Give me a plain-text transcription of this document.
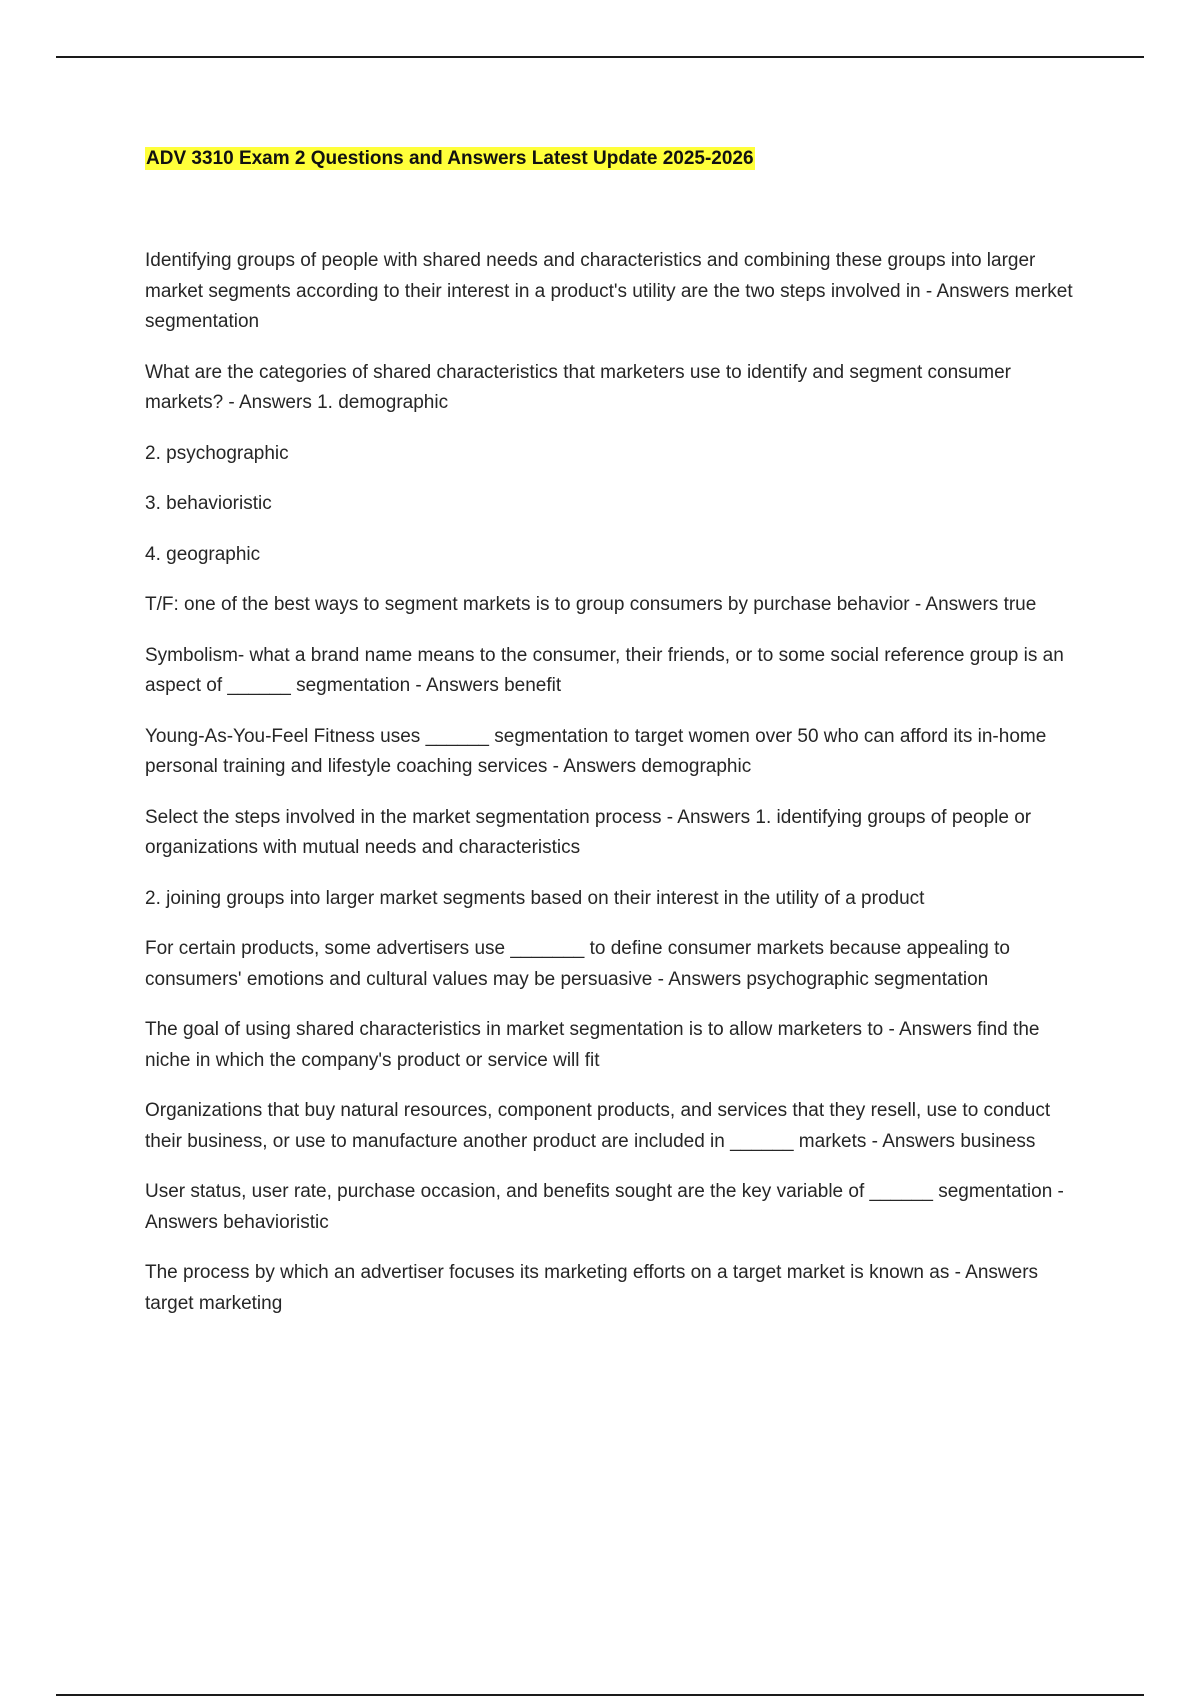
ADV 3310 Exam 2 Questions and Answers Latest Update 2025-2026

Identifying groups of people with shared needs and characteristics and combining these groups into larger market segments according to their interest in a product's utility are the two steps involved in - Answers merket segmentation

What are the categories of shared characteristics that marketers use to identify and segment consumer markets? - Answers 1. demographic

2. psychographic

3. behavioristic

4. geographic

T/F: one of the best ways to segment markets is to group consumers by purchase behavior - Answers true

Symbolism- what a brand name means to the consumer, their friends, or to some social reference group is an aspect of ______ segmentation - Answers benefit

Young-As-You-Feel Fitness uses ______ segmentation to target women over 50 who can afford its in-home personal training and lifestyle coaching services - Answers demographic

Select the steps involved in the market segmentation process - Answers 1. identifying groups of people or organizations with mutual needs and characteristics

2. joining groups into larger market segments based on their interest in the utility of a product

For certain products, some advertisers use _______ to define consumer markets because appealing to consumers' emotions and cultural values may be persuasive - Answers psychographic segmentation

The goal of using shared characteristics in market segmentation is to allow marketers to - Answers find the niche in which the company's product or service will fit

Organizations that buy natural resources, component products, and services that they resell, use to conduct their business, or use to manufacture another product are included in ______ markets - Answers business

User status, user rate, purchase occasion, and benefits sought are the key variable of ______ segmentation - Answers behavioristic

The process by which an advertiser focuses its marketing efforts on a target market is known as - Answers target marketing
